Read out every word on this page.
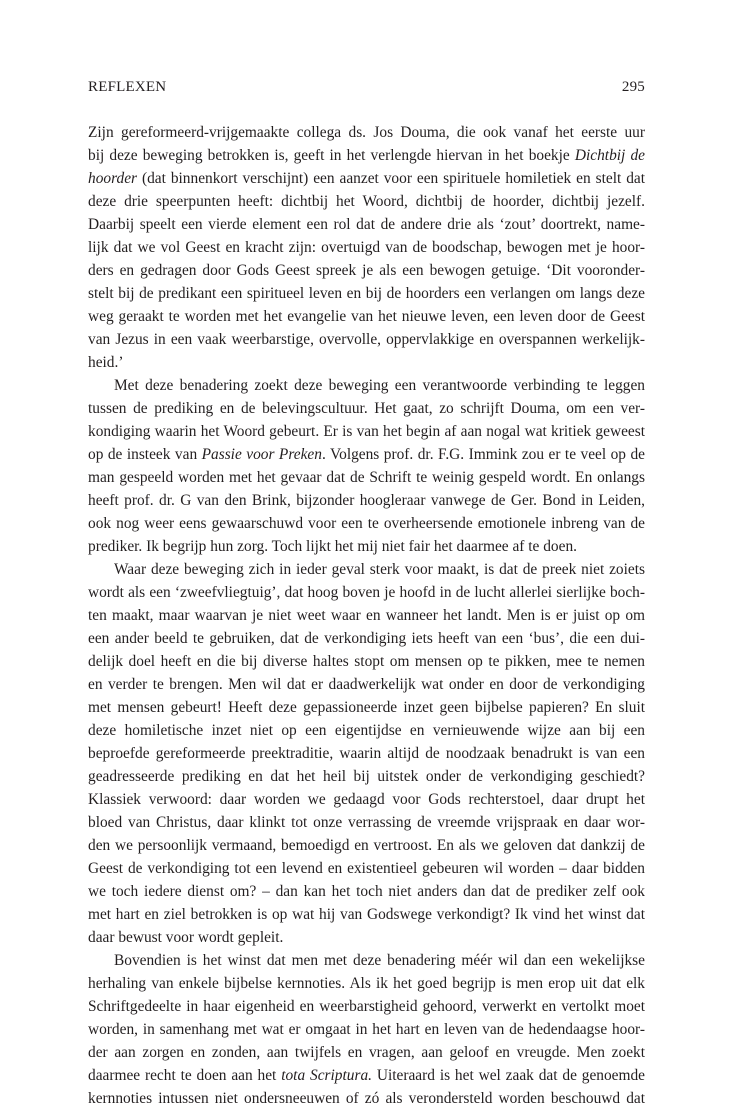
REFLEXEN	295
Zijn gereformeerd-vrijgemaakte collega ds. Jos Douma, die ook vanaf het eerste uur
bij deze beweging betrokken is, geeft in het verlengde hiervan in het boekje Dichtbij de
hoorder (dat binnenkort verschijnt) een aanzet voor een spirituele homiletiek en stelt dat
deze drie speerpunten heeft: dichtbij het Woord, dichtbij de hoorder, dichtbij jezelf.
Daarbij speelt een vierde element een rol dat de andere drie als ‘zout’ doortrekt, name-
lijk dat we vol Geest en kracht zijn: overtuigd van de boodschap, bewogen met je hoor-
ders en gedragen door Gods Geest spreek je als een bewogen getuige. ‘Dit vooronder-
stelt bij de predikant een spiritueel leven en bij de hoorders een verlangen om langs deze
weg geraakt te worden met het evangelie van het nieuwe leven, een leven door de Geest
van Jezus in een vaak weerbarstige, overvolle, oppervlakkige en overspannen werkelijk-
heid.’
Met deze benadering zoekt deze beweging een verantwoorde verbinding te leggen
tussen de prediking en de belevingscultuur. Het gaat, zo schrijft Douma, om een ver-
kondiging waarin het Woord gebeurt. Er is van het begin af aan nogal wat kritiek geweest
op de insteek van Passie voor Preken. Volgens prof. dr. F.G. Immink zou er te veel op de
man gespeeld worden met het gevaar dat de Schrift te weinig gespeld wordt. En onlangs
heeft prof. dr. G van den Brink, bijzonder hoogleraar vanwege de Ger. Bond in Leiden,
ook nog weer eens gewaarschuwd voor een te overheersende emotionele inbreng van de
prediker. Ik begrijp hun zorg. Toch lijkt het mij niet fair het daarmee af te doen.
Waar deze beweging zich in ieder geval sterk voor maakt, is dat de preek niet zoiets
wordt als een ‘zweefvliegtuig’, dat hoog boven je hoofd in de lucht allerlei sierlijke boch-
ten maakt, maar waarvan je niet weet waar en wanneer het landt. Men is er juist op om
een ander beeld te gebruiken, dat de verkondiging iets heeft van een ‘bus’, die een dui-
delijk doel heeft en die bij diverse haltes stopt om mensen op te pikken, mee te nemen
en verder te brengen. Men wil dat er daadwerkelijk wat onder en door de verkondiging
met mensen gebeurt! Heeft deze gepassioneerde inzet geen bijbelse papieren? En sluit
deze homiletische inzet niet op een eigentijdse en vernieuwende wijze aan bij een
beproefde gereformeerde preektraditie, waarin altijd de noodzaak benadrukt is van een
geadresseerde prediking en dat het heil bij uitstek onder de verkondiging geschiedt?
Klassiek verwoord: daar worden we gedaagd voor Gods rechterstoel, daar drupt het
bloed van Christus, daar klinkt tot onze verrassing de vreemde vrijspraak en daar wor-
den we persoonlijk vermaand, bemoedigd en vertroost. En als we geloven dat dankzij de
Geest de verkondiging tot een levend en existentieel gebeuren wil worden – daar bidden
we toch iedere dienst om? – dan kan het toch niet anders dan dat de prediker zelf ook
met hart en ziel betrokken is op wat hij van Godswege verkondigt? Ik vind het winst dat
daar bewust voor wordt gepleit.
Bovendien is het winst dat men met deze benadering méér wil dan een wekelijkse
herhaling van enkele bijbelse kernnoties. Als ik het goed begrijp is men erop uit dat elk
Schriftgedeelte in haar eigenheid en weerbarstigheid gehoord, verwerkt en vertolkt moet
worden, in samenhang met wat er omgaat in het hart en leven van de hedendaagse hoor-
der aan zorgen en zonden, aan twijfels en vragen, aan geloof en vreugde. Men zoekt
daarmee recht te doen aan het tota Scriptura. Uiteraard is het wel zaak dat de genoemde
kernnoties intussen niet ondersneeuwen of zó als verondersteld worden beschouwd dat
